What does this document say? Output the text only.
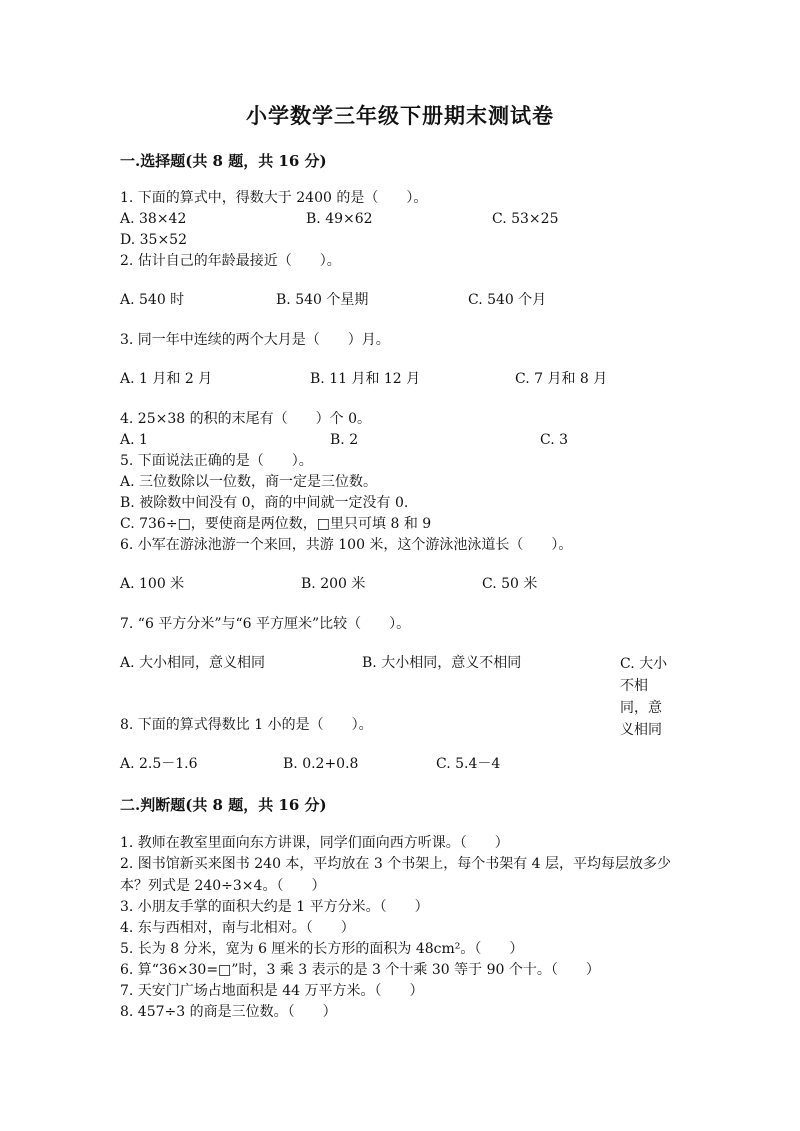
小学数学三年级下册期末测试卷
一.选择题(共 8 题，共 16 分)
1. 下面的算式中，得数大于 2400 的是（　　）。
A. 38×42	B. 49×62	C. 53×25
D. 35×52
2. 估计自己的年龄最接近（　　）。
A. 540 时	B. 540 个星期	C. 540 个月
3. 同一年中连续的两个大月是（　　）月。
A. 1 月和 2 月	B. 11 月和 12 月	C. 7 月和 8 月
4. 25×38 的积的末尾有（　　）个 0。
A. 1	B. 2	C. 3
5. 下面说法正确的是（　　）。
A. 三位数除以一位数，商一定是三位数。
B. 被除数中间没有 0，商的中间就一定没有 0.
C. 736÷□，要使商是两位数，□里只可填 8 和 9
6. 小军在游泳池游一个来回，共游 100 米，这个游泳池泳道长（　　）。
A. 100 米	B. 200 米	C. 50 米
7. “6 平方分米”与“6 平方厘米”比较（　　）。
A. 大小相同，意义相同	B. 大小相同，意义不相同	C. 大小不相同，意义相同
8. 下面的算式得数比 1 小的是（　　）。
A. 2.5－1.6	B. 0.2+0.8	C. 5.4－4
二.判断题(共 8 题，共 16 分)
1. 教师在教室里面向东方讲课，同学们面向西方听课。（　　）
2. 图书馆新买来图书 240 本，平均放在 3 个书架上，每个书架有 4 层，平均每层放多少本？列式是 240÷3×4。（　　）
3. 小朋友手掌的面积大约是 1 平方分米。（　　）
4. 东与西相对，南与北相对。（　　）
5. 长为 8 分米，宽为 6 厘米的长方形的面积为 48cm²。（　　）
6. 算“36×30=□”时，3 乘 3 表示的是 3 个十乘 30 等于 90 个十。（　　）
7. 天安门广场占地面积是 44 万平方米。（　　）
8. 457÷3 的商是三位数。（　　）
